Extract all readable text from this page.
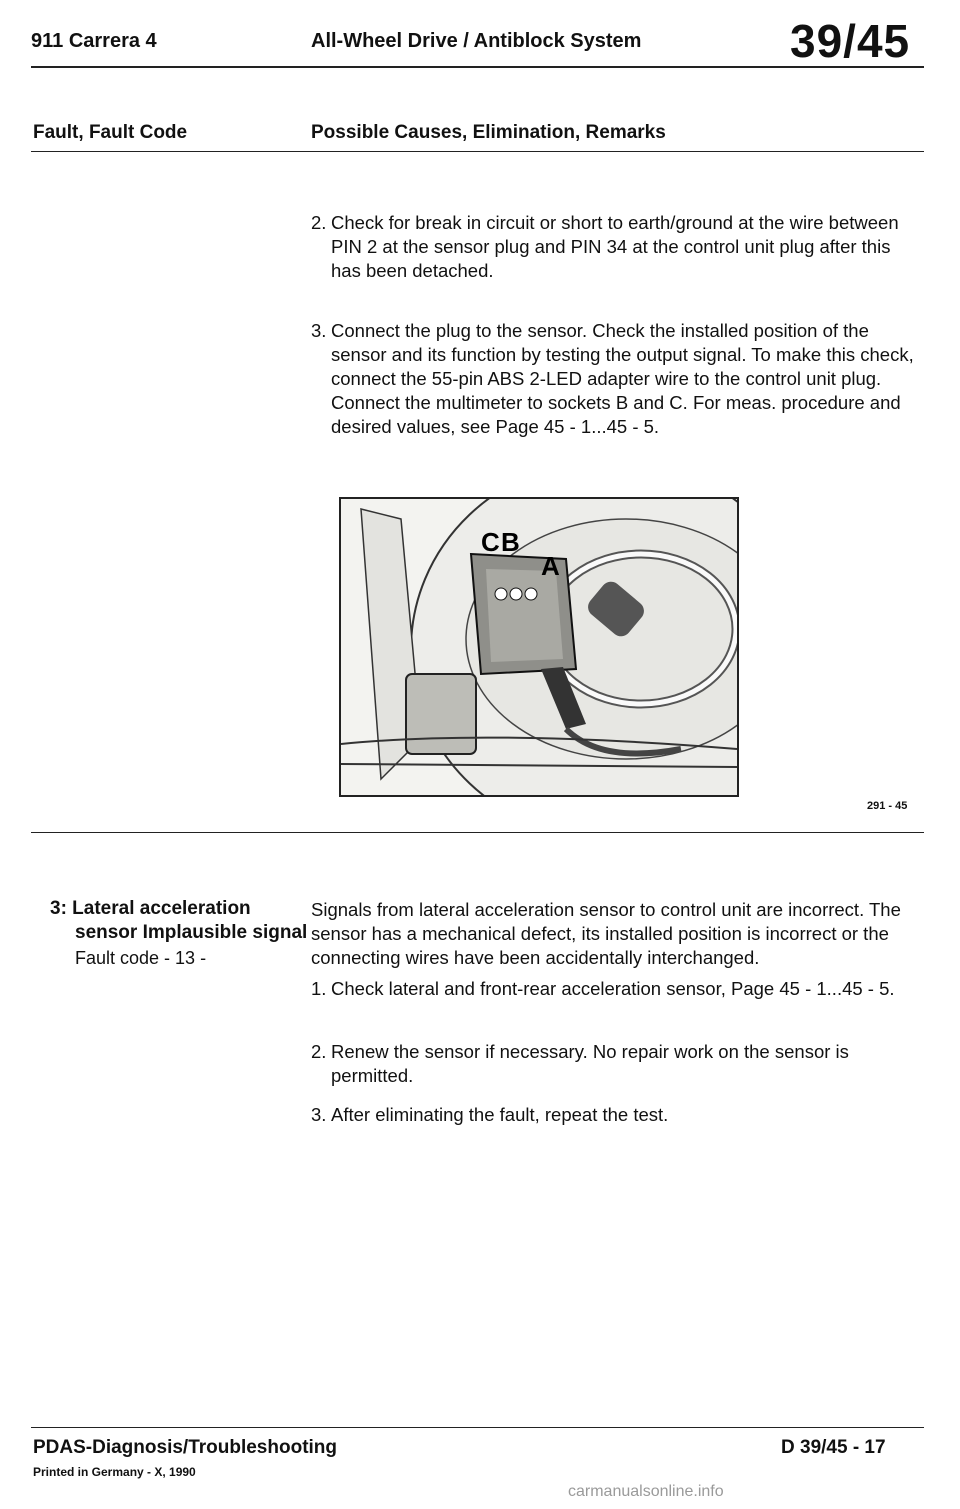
911 Carrera 4	All-Wheel Drive / Antiblock System	39/45
Fault, Fault Code	Possible Causes, Elimination, Remarks
2. Check for break in circuit or short to earth/ground at the wire between PIN 2 at the sensor plug and PIN 34 at the control unit plug after this has been detached.
3. Connect the plug to the sensor. Check the installed position of the sensor and its function by testing the output signal. To make this check, connect the 55-pin ABS 2-LED adapter wire to the control unit plug. Connect the multimeter to sockets B and C. For meas. procedure and desired values, see Page 45 - 1...45 - 5.
C B
A
291 - 45
3: Lateral acceleration
sensor Implausible signal
Fault code - 13 -
Signals from lateral acceleration sensor to control unit are incorrect. The sensor has a mechanical defect, its installed position is incorrect or the connecting wires have been accidentally interchanged.
1. Check lateral and front-rear acceleration sensor, Page 45 - 1...45 - 5.
2. Renew the sensor if necessary. No repair work on the sensor is permitted.
3. After eliminating the fault, repeat the test.
PDAS-Diagnosis/Troubleshooting	D 39/45 - 17
Printed in Germany - X, 1990
carmanualsonline.info
